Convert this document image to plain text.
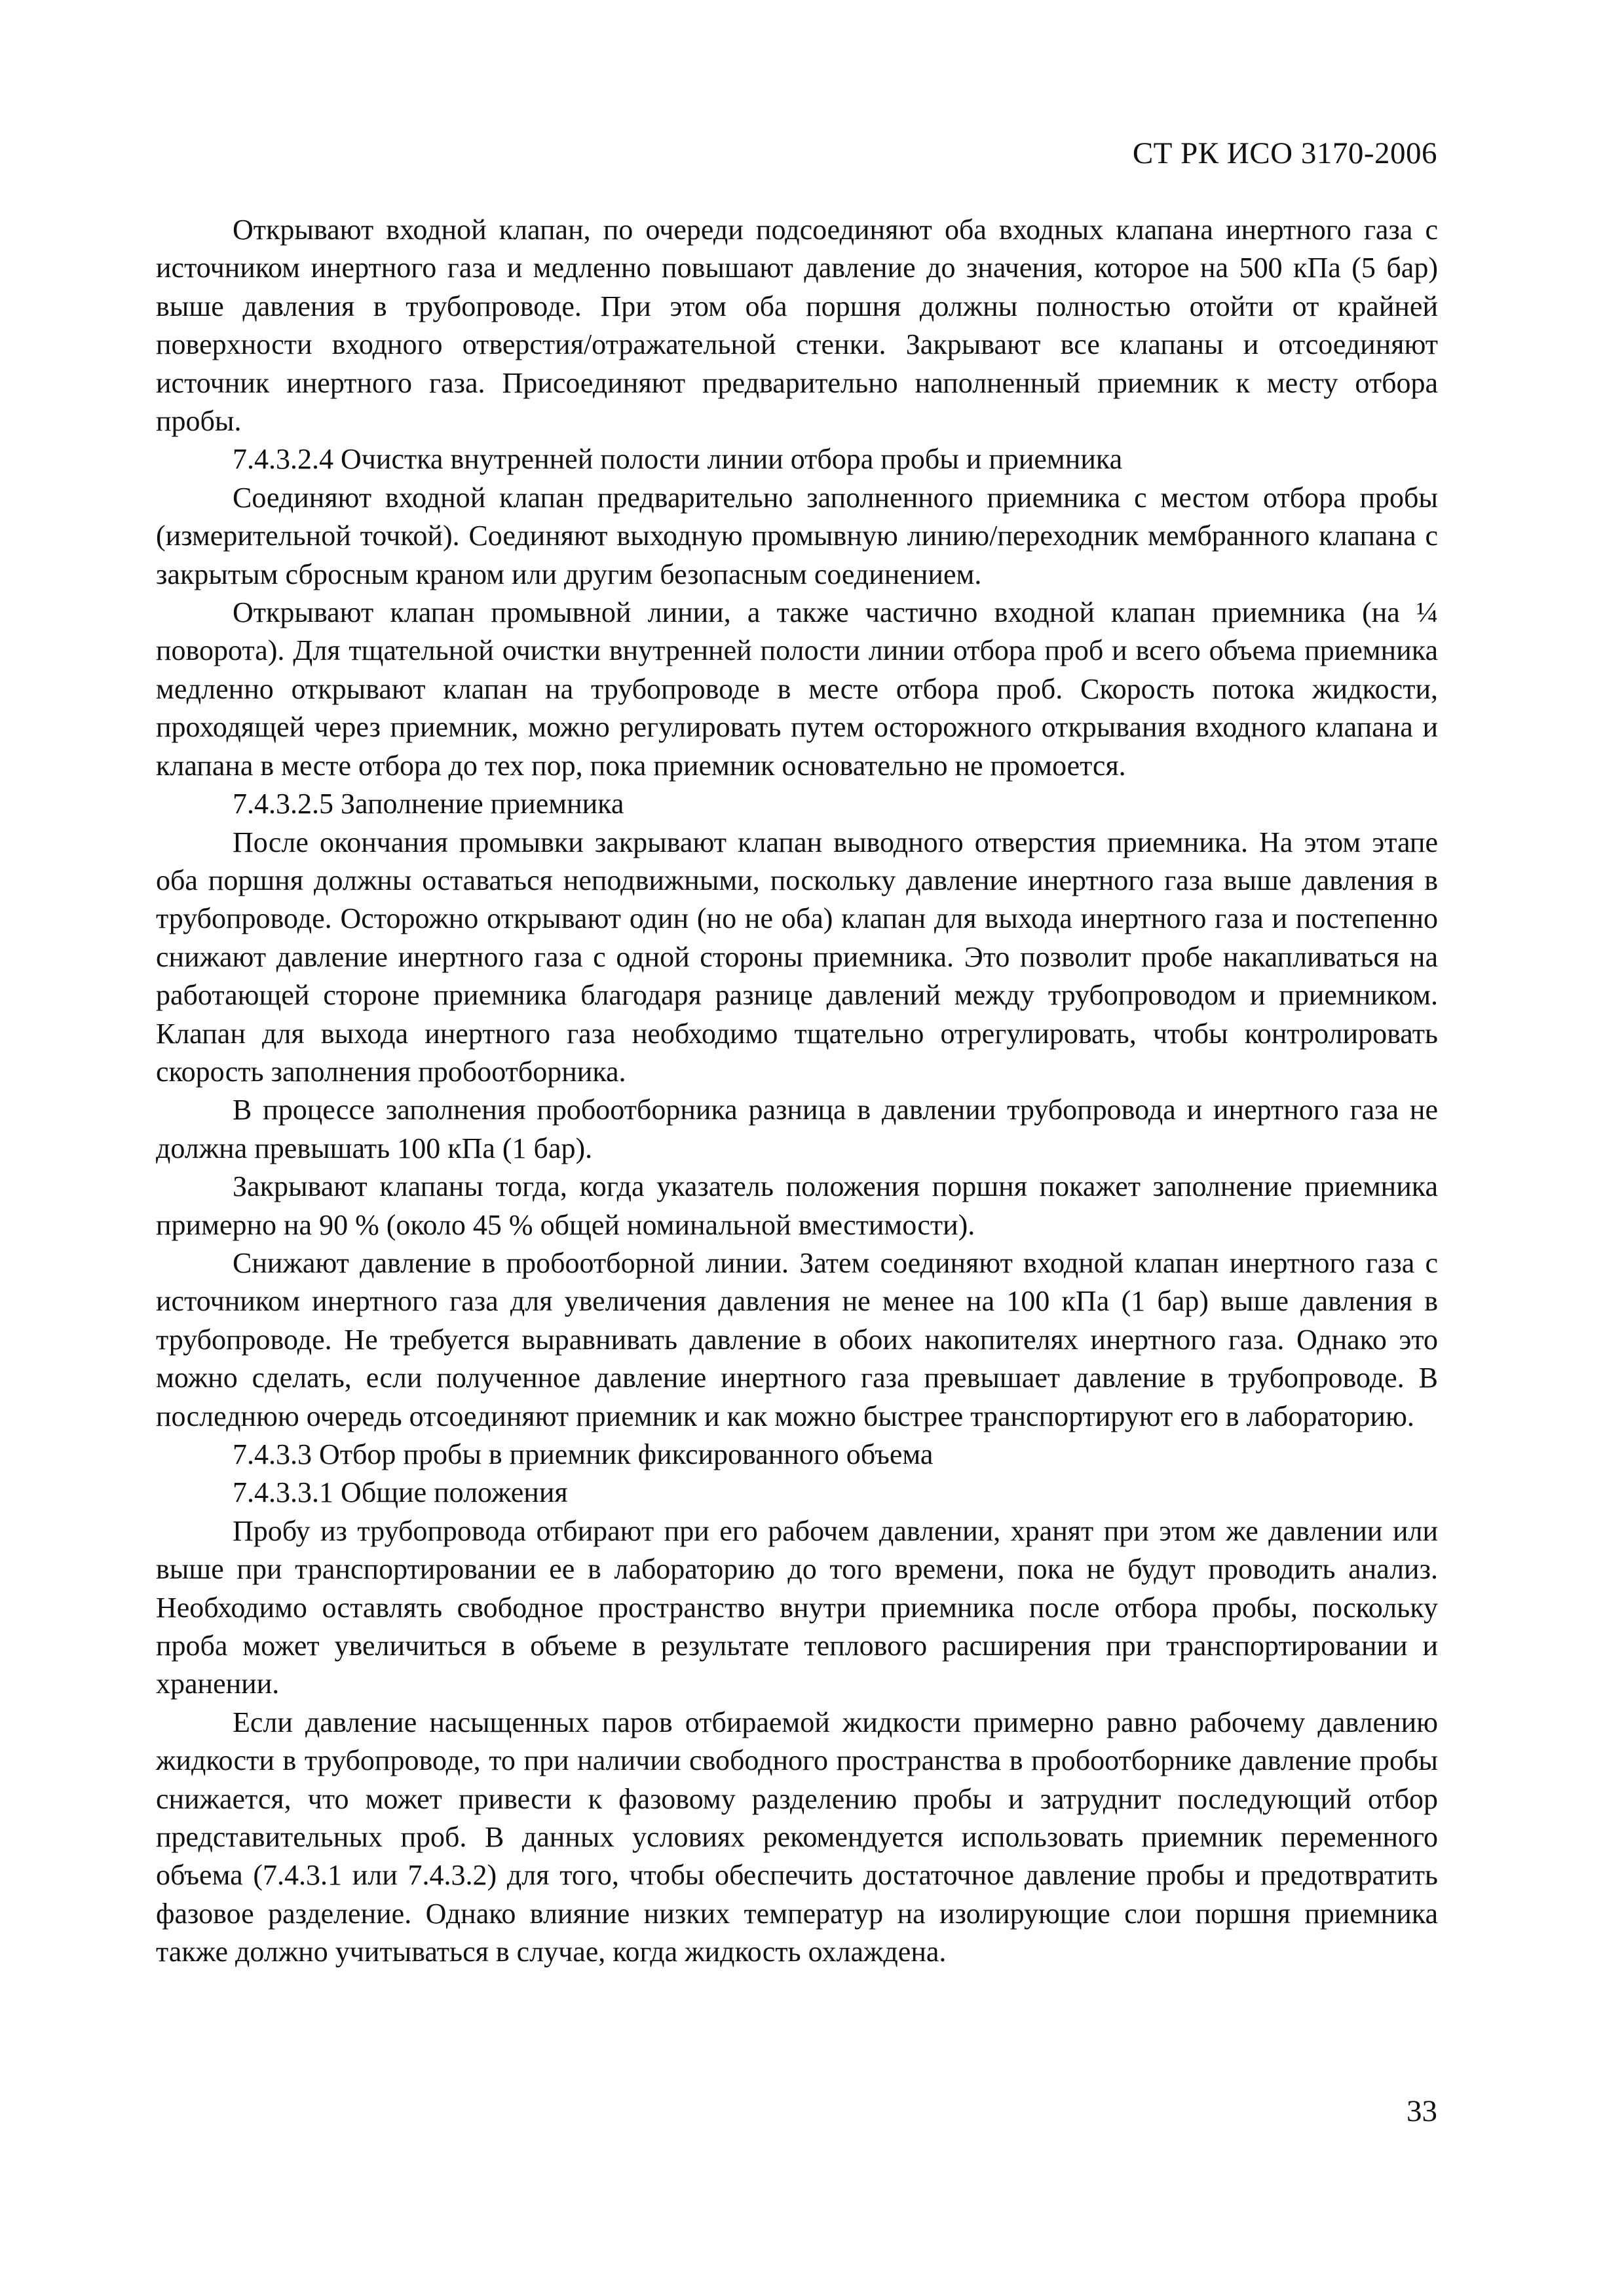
СТ РК ИСО 3170-2006

Открывают входной клапан, по очереди подсоединяют оба входных клапана инертного газа с источником инертного газа и медленно повышают давление до значения, которое на 500 кПа (5 бар) выше давления в трубопроводе. При этом оба поршня должны полностью отойти от крайней поверхности входного отверстия/отражательной стенки. Закрывают все клапаны и отсоединяют источник инертного газа. Присоединяют предварительно наполненный приемник к месту отбора пробы.

7.4.3.2.4 Очистка внутренней полости линии отбора пробы и приемника

Соединяют входной клапан предварительно заполненного приемника с местом отбора пробы (измерительной точкой). Соединяют выходную промывную линию/переходник мембранного клапана с закрытым сбросным краном или другим безопасным соединением.

Открывают клапан промывной линии, а также частично входной клапан приемника (на ¼ поворота). Для тщательной очистки внутренней полости линии отбора проб и всего объема приемника медленно открывают клапан на трубопроводе в месте отбора проб. Скорость потока жидкости, проходящей через приемник, можно регулировать путем осторожного открывания входного клапана и клапана в месте отбора до тех пор, пока приемник основательно не промоется.

7.4.3.2.5 Заполнение приемника

После окончания промывки закрывают клапан выводного отверстия приемника. На этом этапе оба поршня должны оставаться неподвижными, поскольку давление инертного газа выше давления в трубопроводе. Осторожно открывают один (но не оба) клапан для выхода инертного газа и постепенно снижают давление инертного газа с одной стороны приемника. Это позволит пробе накапливаться на работающей стороне приемника благодаря разнице давлений между трубопроводом и приемником. Клапан для выхода инертного газа необходимо тщательно отрегулировать, чтобы контролировать скорость заполнения пробоотборника.

В процессе заполнения пробоотборника разница в давлении трубопровода и инертного газа не должна превышать 100 кПа (1 бар).

Закрывают клапаны тогда, когда указатель положения поршня покажет заполнение приемника примерно на 90 % (около 45 % общей номинальной вместимости).

Снижают давление в пробоотборной линии. Затем соединяют входной клапан инертного газа с источником инертного газа для увеличения давления не менее на 100 кПа (1 бар) выше давления в трубопроводе. Не требуется выравнивать давление в обоих накопителях инертного газа. Однако это можно сделать, если полученное давление инертного газа превышает давление в трубопроводе. В последнюю очередь отсоединяют приемник и как можно быстрее транспортируют его в лабораторию.

7.4.3.3 Отбор пробы в приемник фиксированного объема

7.4.3.3.1 Общие положения

Пробу из трубопровода отбирают при его рабочем давлении, хранят при этом же давлении или выше при транспортировании ее в лабораторию до того времени, пока не будут проводить анализ. Необходимо оставлять свободное пространство внутри приемника после отбора пробы, поскольку проба может увеличиться в объеме в результате теплового расширения при транспортировании и хранении.

Если давление насыщенных паров отбираемой жидкости примерно равно рабочему давлению жидкости в трубопроводе, то при наличии свободного пространства в пробоотборнике давление пробы снижается, что может привести к фазовому разделению пробы и затруднит последующий отбор представительных проб. В данных условиях рекомендуется использовать приемник переменного объема (7.4.3.1 или 7.4.3.2) для того, чтобы обеспечить достаточное давление пробы и предотвратить фазовое разделение. Однако влияние низких температур на изолирующие слои поршня приемника также должно учитываться в случае, когда жидкость охлаждена.

33
